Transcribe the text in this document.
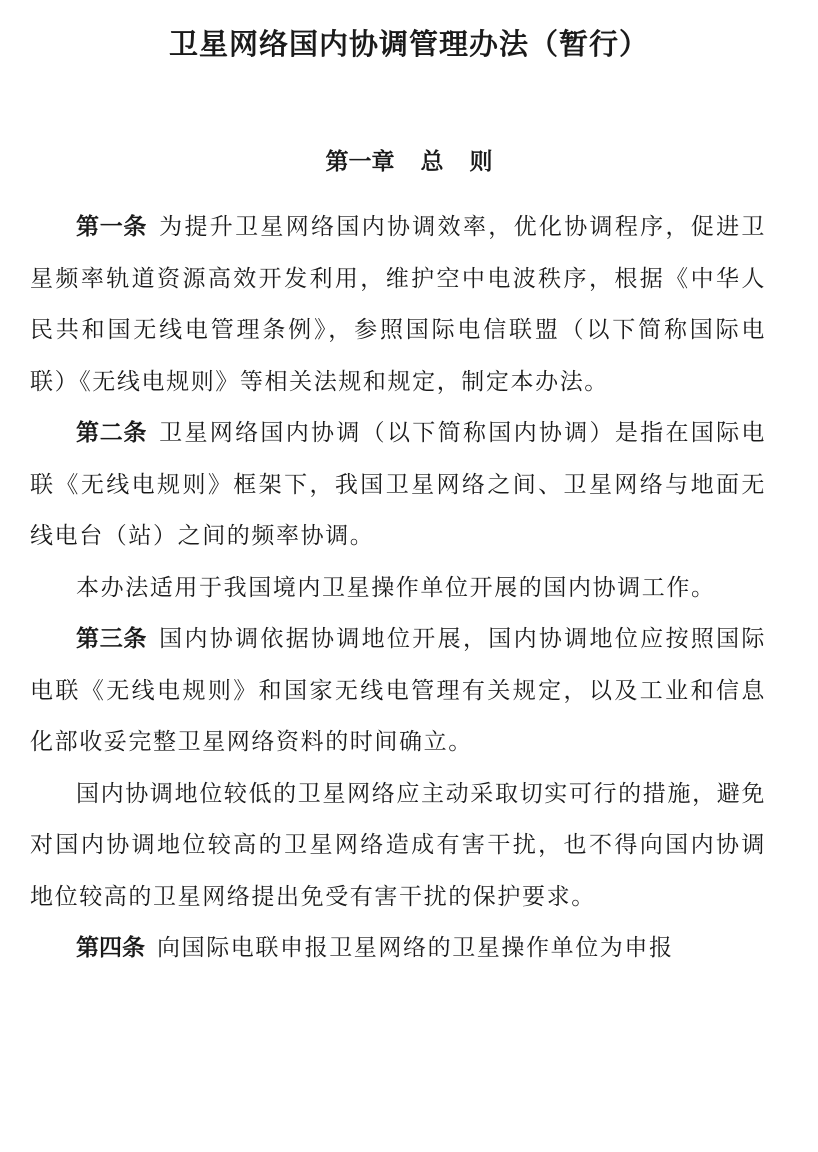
卫星网络国内协调管理办法（暂行）
第一章 总 则

第一条 为提升卫星网络国内协调效率，优化协调程序，促进卫星频率轨道资源高效开发利用，维护空中电波秩序，根据《中华人民共和国无线电管理条例》，参照国际电信联盟（以下简称国际电联）《无线电规则》等相关法规和规定，制定本办法。

第二条 卫星网络国内协调（以下简称国内协调）是指在国际电联《无线电规则》框架下，我国卫星网络之间、卫星网络与地面无线电台（站）之间的频率协调。

本办法适用于我国境内卫星操作单位开展的国内协调工作。

第三条 国内协调依据协调地位开展，国内协调地位应按照国际电联《无线电规则》和国家无线电管理有关规定，以及工业和信息化部收妥完整卫星网络资料的时间确立。

国内协调地位较低的卫星网络应主动采取切实可行的措施，避免对国内协调地位较高的卫星网络造成有害干扰，也不得向国内协调地位较高的卫星网络提出免受有害干扰的保护要求。

第四条 向国际电联申报卫星网络的卫星操作单位为申报
